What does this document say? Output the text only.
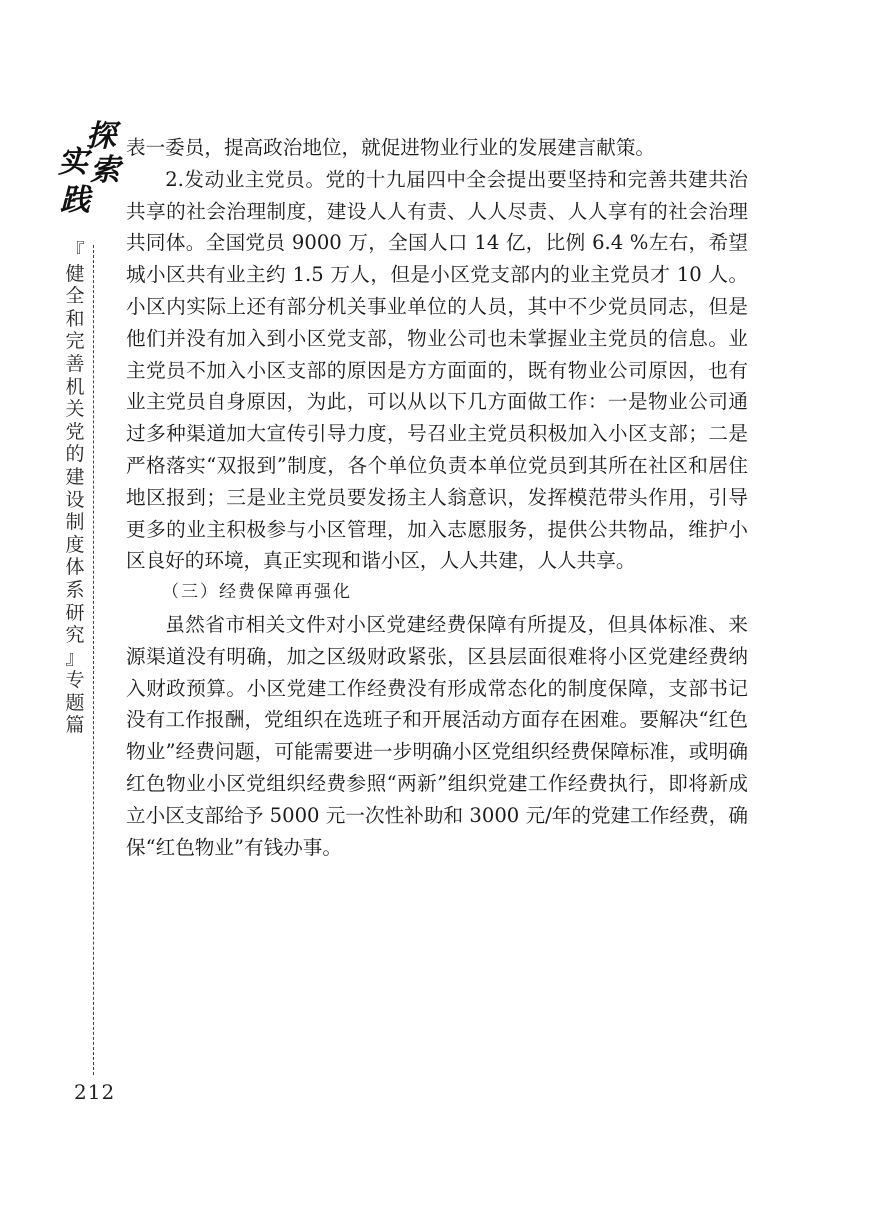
探
索
实
践
『
健
全
和
完
善
机
关
党
的
建
设
制
度
体
系
研
究
』
专
题
篇
212

表一委员，提高政治地位，就促进物业行业的发展建言献策。

2.发动业主党员。党的十九届四中全会提出要坚持和完善共建共治共享的社会治理制度，建设人人有责、人人尽责、人人享有的社会治理共同体。全国党员 9000 万，全国人口 14 亿，比例 6.4 %左右，希望城小区共有业主约 1.5 万人，但是小区党支部内的业主党员才 10 人。小区内实际上还有部分机关事业单位的人员，其中不少党员同志，但是他们并没有加入到小区党支部，物业公司也未掌握业主党员的信息。业主党员不加入小区支部的原因是方方面面的，既有物业公司原因，也有业主党员自身原因，为此，可以从以下几方面做工作：一是物业公司通过多种渠道加大宣传引导力度，号召业主党员积极加入小区支部；二是严格落实“双报到”制度，各个单位负责本单位党员到其所在社区和居住地区报到；三是业主党员要发扬主人翁意识，发挥模范带头作用，引导更多的业主积极参与小区管理，加入志愿服务，提供公共物品，维护小区良好的环境，真正实现和谐小区，人人共建，人人共享。

（三）经费保障再强化

虽然省市相关文件对小区党建经费保障有所提及，但具体标准、来源渠道没有明确，加之区级财政紧张，区县层面很难将小区党建经费纳入财政预算。小区党建工作经费没有形成常态化的制度保障，支部书记没有工作报酬，党组织在选班子和开展活动方面存在困难。要解决“红色物业”经费问题，可能需要进一步明确小区党组织经费保障标准，或明确红色物业小区党组织经费参照“两新”组织党建工作经费执行，即将新成立小区支部给予 5000 元一次性补助和 3000 元/年的党建工作经费，确保“红色物业”有钱办事。
